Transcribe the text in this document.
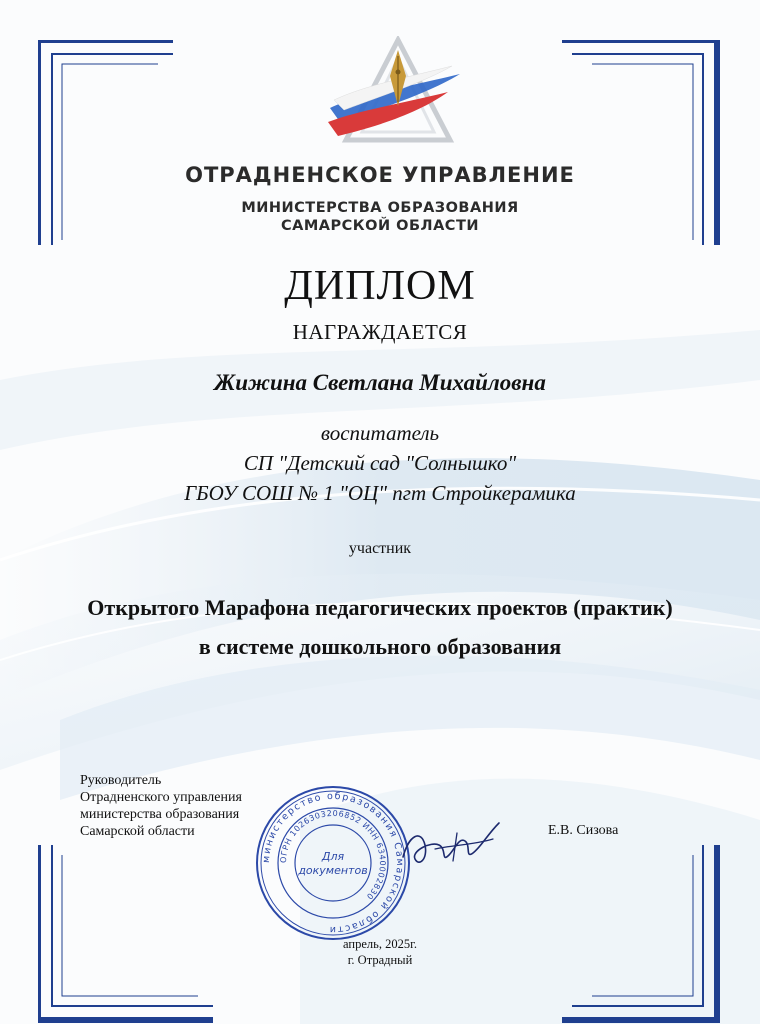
ОТРАДНЕНСКОЕ УПРАВЛЕНИЕ
МИНИСТЕРСТВА ОБРАЗОВАНИЯ
САМАРСКОЙ ОБЛАСТИ
ДИПЛОМ
НАГРАЖДАЕТСЯ
Жижина Светлана Михайловна
воспитатель
СП "Детский сад "Солнышко"
ГБОУ СОШ № 1 "ОЦ" пгт Стройкерамика
участник
Открытого Марафона педагогических проектов (практик)
в системе дошкольного образования
Руководитель
Отрадненского управления
министерства образования
Самарской области
министерство образования Самарской области
ОГРН 1026303206852 ИНН 6340002830
Для
документов
Е.В. Сизова
апрель, 2025г.
г. Отрадный
